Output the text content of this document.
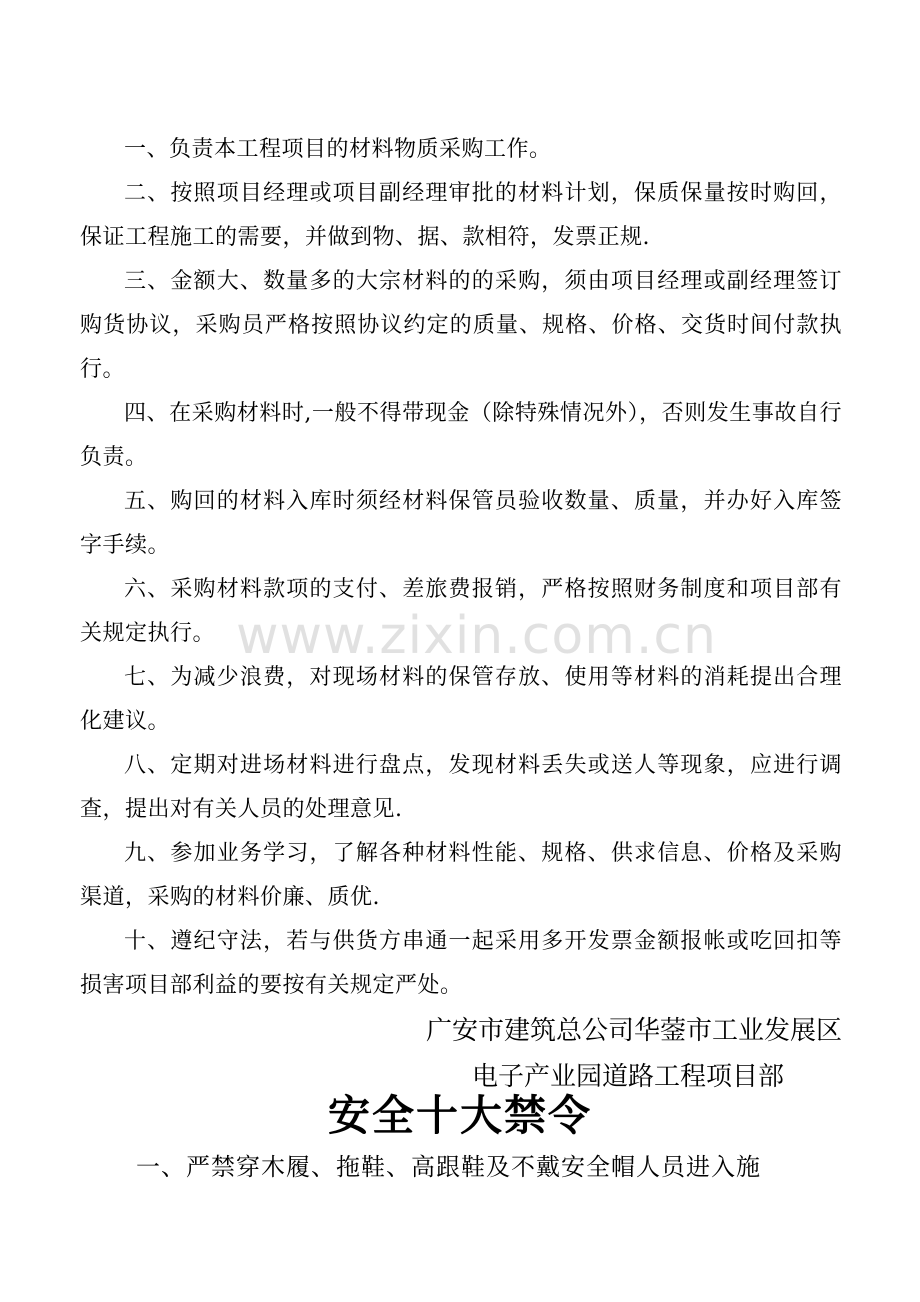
一、负责本工程项目的材料物质采购工作。

二、按照项目经理或项目副经理审批的材料计划，保质保量按时购回，保证工程施工的需要，并做到物、据、款相符，发票正规.

三、金额大、数量多的大宗材料的的采购，须由项目经理或副经理签订购货协议，采购员严格按照协议约定的质量、规格、价格、交货时间付款执行。

四、在采购材料时,一般不得带现金（除特殊情况外），否则发生事故自行负责。

五、购回的材料入库时须经材料保管员验收数量、质量，并办好入库签字手续。

六、采购材料款项的支付、差旅费报销，严格按照财务制度和项目部有关规定执行。

七、为减少浪费，对现场材料的保管存放、使用等材料的消耗提出合理化建议。

八、定期对进场材料进行盘点，发现材料丢失或送人等现象，应进行调查，提出对有关人员的处理意见.

九、参加业务学习，了解各种材料性能、规格、供求信息、价格及采购渠道，采购的材料价廉、质优.

十、遵纪守法，若与供货方串通一起采用多开发票金额报帐或吃回扣等损害项目部利益的要按有关规定严处。

广安市建筑总公司华蓥市工业发展区
电子产业园道路工程项目部
安全十大禁令
一、严禁穿木履、拖鞋、高跟鞋及不戴安全帽人员进入施
www.zixin.com.cn
